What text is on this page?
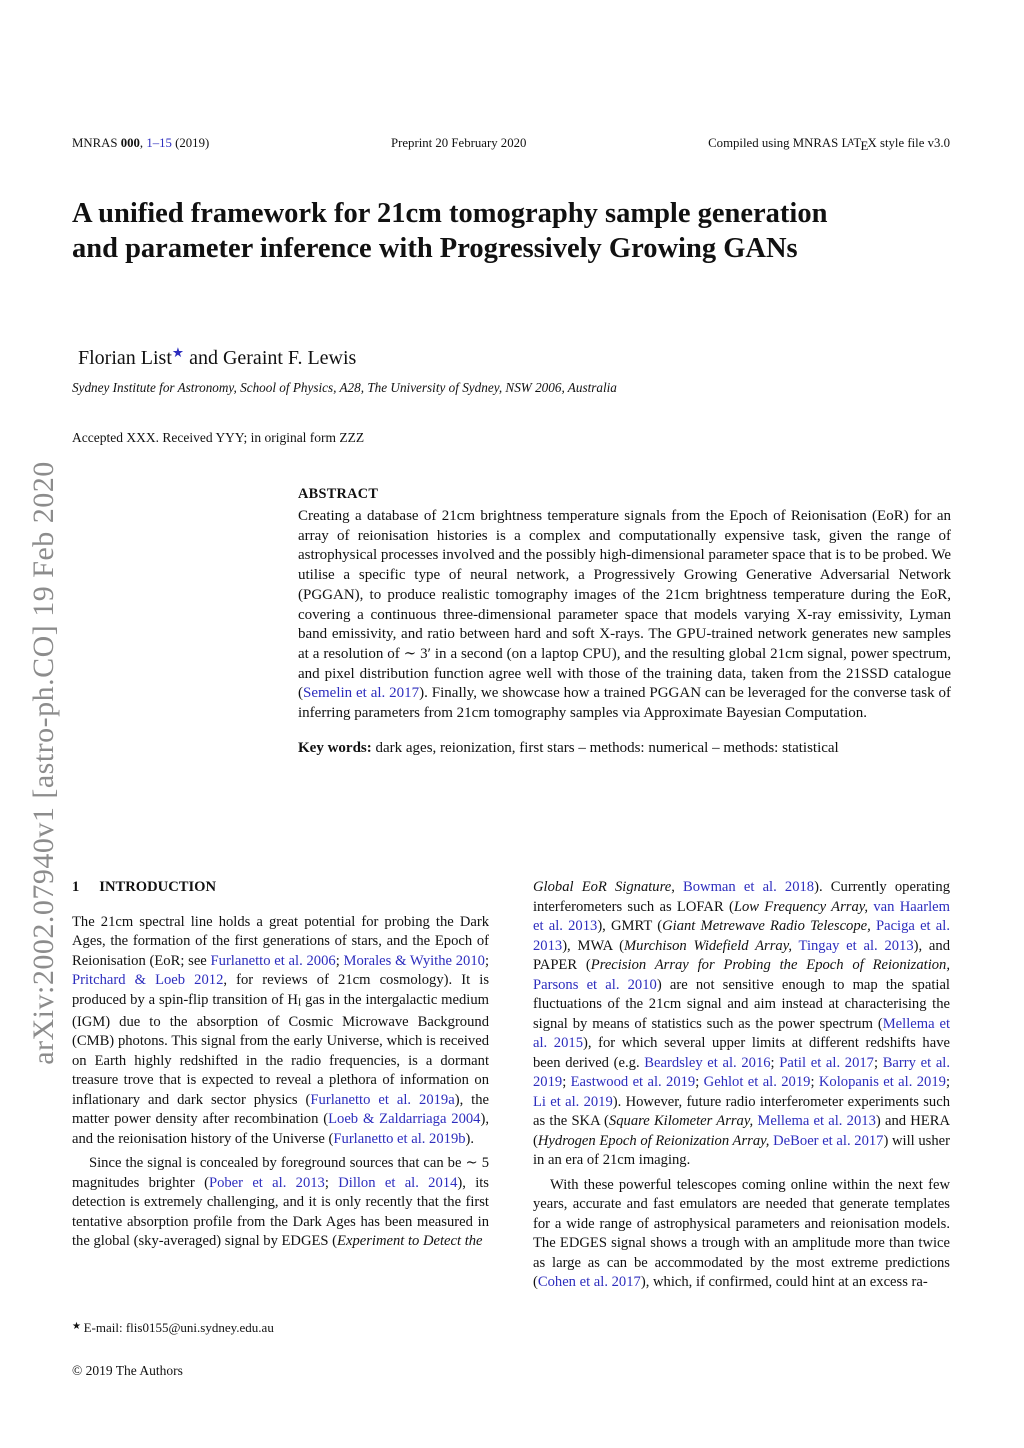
arXiv:2002.07940v1 [astro-ph.CO] 19 Feb 2020
MNRAS 000, 1–15 (2019)	Preprint 20 February 2020	Compiled using MNRAS LATEX style file v3.0
A unified framework for 21cm tomography sample generation and parameter inference with Progressively Growing GANs
Florian List★ and Geraint F. Lewis
Sydney Institute for Astronomy, School of Physics, A28, The University of Sydney, NSW 2006, Australia
Accepted XXX. Received YYY; in original form ZZZ
ABSTRACT

Creating a database of 21cm brightness temperature signals from the Epoch of Reionisation (EoR) for an array of reionisation histories is a complex and computationally expensive task, given the range of astrophysical processes involved and the possibly high-dimensional parameter space that is to be probed. We utilise a specific type of neural network, a Progressively Growing Generative Adversarial Network (PGGAN), to produce realistic tomography images of the 21cm brightness temperature during the EoR, covering a continuous three-dimensional parameter space that models varying X-ray emissivity, Lyman band emissivity, and ratio between hard and soft X-rays. The GPU-trained network generates new samples at a resolution of ∼ 3′ in a second (on a laptop CPU), and the resulting global 21cm signal, power spectrum, and pixel distribution function agree well with those of the training data, taken from the 21SSD catalogue (Semelin et al. 2017). Finally, we showcase how a trained PGGAN can be leveraged for the converse task of inferring parameters from 21cm tomography samples via Approximate Bayesian Computation.

Key words: dark ages, reionization, first stars – methods: numerical – methods: statistical

1 INTRODUCTION

The 21cm spectral line holds a great potential for probing the Dark Ages, the formation of the first generations of stars, and the Epoch of Reionisation (EoR; see Furlanetto et al. 2006; Morales & Wyithe 2010; Pritchard & Loeb 2012, for reviews of 21cm cosmology). It is produced by a spin-flip transition of HI gas in the intergalactic medium (IGM) due to the absorption of Cosmic Microwave Background (CMB) photons. This signal from the early Universe, which is received on Earth highly redshifted in the radio frequencies, is a dormant treasure trove that is expected to reveal a plethora of information on inflationary and dark sector physics (Furlanetto et al. 2019a), the matter power density after recombination (Loeb & Zaldarriaga 2004), and the reionisation history of the Universe (Furlanetto et al. 2019b).

Since the signal is concealed by foreground sources that can be ∼ 5 magnitudes brighter (Pober et al. 2013; Dillon et al. 2014), its detection is extremely challenging, and it is only recently that the first tentative absorption profile from the Dark Ages has been measured in the global (sky-averaged) signal by EDGES (Experiment to Detect the

Global EoR Signature, Bowman et al. 2018). Currently operating interferometers such as LOFAR (Low Frequency Array, van Haarlem et al. 2013), GMRT (Giant Metrewave Radio Telescope, Paciga et al. 2013), MWA (Murchison Widefield Array, Tingay et al. 2013), and PAPER (Precision Array for Probing the Epoch of Reionization, Parsons et al. 2010) are not sensitive enough to map the spatial fluctuations of the 21cm signal and aim instead at characterising the signal by means of statistics such as the power spectrum (Mellema et al. 2015), for which several upper limits at different redshifts have been derived (e.g. Beardsley et al. 2016; Patil et al. 2017; Barry et al. 2019; Eastwood et al. 2019; Gehlot et al. 2019; Kolopanis et al. 2019; Li et al. 2019). However, future radio interferometer experiments such as the SKA (Square Kilometer Array, Mellema et al. 2013) and HERA (Hydrogen Epoch of Reionization Array, DeBoer et al. 2017) will usher in an era of 21cm imaging.

With these powerful telescopes coming online within the next few years, accurate and fast emulators are needed that generate templates for a wide range of astrophysical parameters and reionisation models. The EDGES signal shows a trough with an amplitude more than twice as large as can be accommodated by the most extreme predictions (Cohen et al. 2017), which, if confirmed, could hint at an excess ra-

★ E-mail: flis0155@uni.sydney.edu.au
© 2019 The Authors
